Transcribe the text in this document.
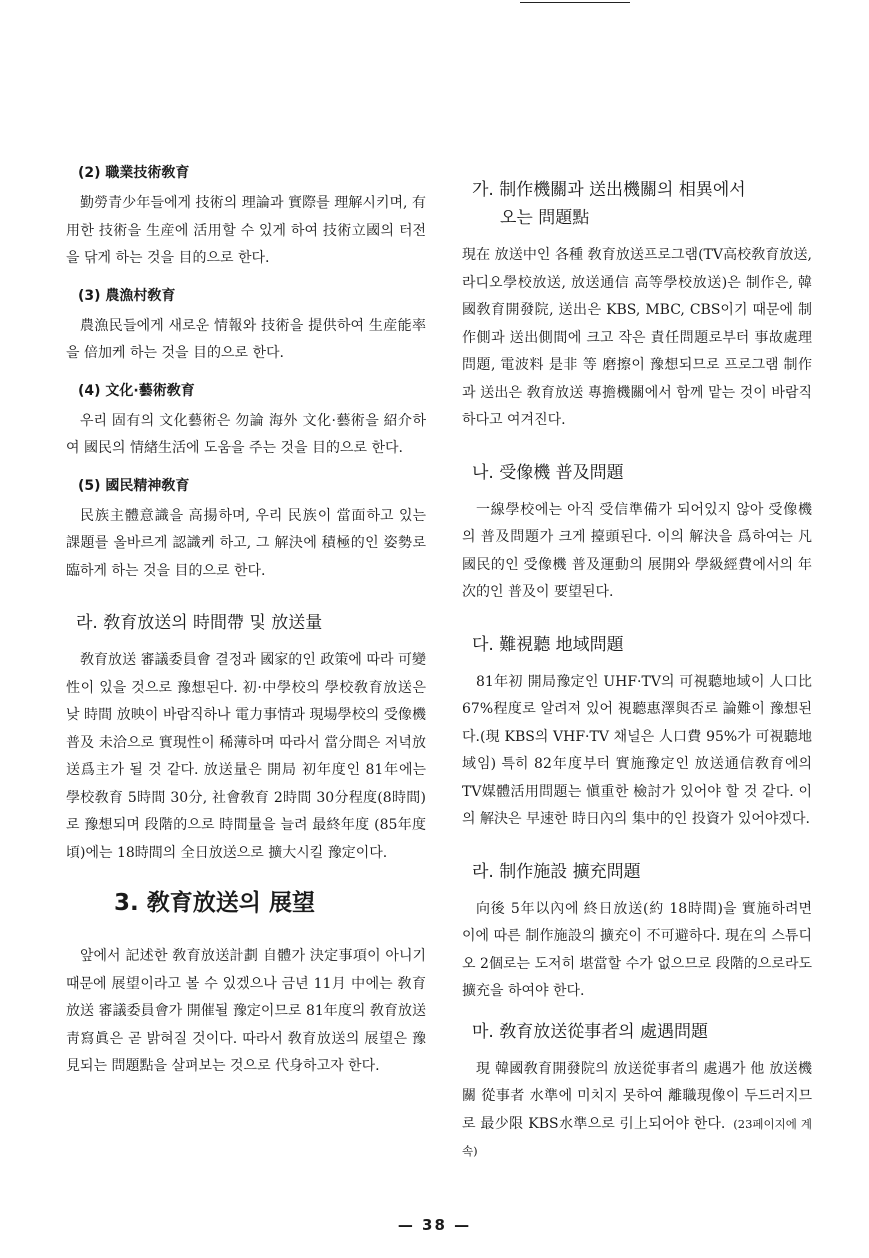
(2) 職業技術敎育

勤勞青少年들에게 技術의 理論과 實際를 理解시키며, 有用한 技術을 生産에 活用할 수 있게 하여 技術立國의 터전을 닦게 하는 것을 目的으로 한다.

(3) 農漁村敎育

農漁民들에게 새로운 情報와 技術을 提供하여 生産能率을 倍加케 하는 것을 目的으로 한다.

(4) 文化·藝術敎育

우리 固有의 文化藝術은 勿論 海外 文化·藝術을 紹介하여 國民의 情緖生活에 도움을 주는 것을 目的으로 한다.

(5) 國民精神敎育

民族主體意識을 高揚하며, 우리 民族이 當面하고 있는 課題를 올바르게 認識케 하고, 그 解決에 積極的인 姿勢로 臨하게 하는 것을 目的으로 한다.

라. 敎育放送의 時間帶 및 放送量

敎育放送 審議委員會 결정과 國家的인 政策에 따라 可變性이 있을 것으로 豫想된다. 初·中學校의 學校敎育放送은 낮 時間 放映이 바람직하나 電力事情과 現場學校의 受像機 普及 未洽으로 實現性이 稀薄하며 따라서 當分間은 저녁放送爲主가 될 것 같다. 放送量은 開局 初年度인 81年에는 學校敎育 5時間 30分, 社會敎育 2時間 30分程度(8時間)로 豫想되며 段階的으로 時間量을 늘려 最終年度 (85年度頃)에는 18時間의 全日放送으로 擴大시킬 豫定이다.

3. 敎育放送의 展望

앞에서 記述한 敎育放送計劃 自體가 決定事項이 아니기 때문에 展望이라고 볼 수 있겠으나 금년 11月 中에는 敎育放送 審議委員會가 開催될 豫定이므로 81年度의 敎育放送 靑寫眞은 곧 밝혀질 것이다. 따라서 敎育放送의 展望은 豫見되는 問題點을 살펴보는 것으로 代身하고자 한다.

가. 制作機關과 送出機關의 相異에서
오는 問題點

現在 放送中인 各種 敎育放送프로그램(TV高校敎育放送, 라디오學校放送, 放送通信 高等學校放送)은 制作은, 韓國敎育開發院, 送出은 KBS, MBC, CBS이기 때문에 制作側과 送出側間에 크고 작은 責任問題로부터 事故處理問題, 電波料 是非 等 磨擦이 豫想되므로 프로그램 制作과 送出은 敎育放送 專擔機關에서 함께 맡는 것이 바람직하다고 여겨진다.

나. 受像機 普及問題

一線學校에는 아직 受信準備가 되어있지 않아 受像機의 普及問題가 크게 擡頭된다. 이의 解決을 爲하여는 凡國民的인 受像機 普及運動의 展開와 學級經費에서의 年次的인 普及이 要望된다.

다. 難視聽 地域問題

81年初 開局豫定인 UHF·TV의 可視聽地域이 人口比 67%程度로 알려져 있어 視聽惠澤與否로 論難이 豫想된다.(現 KBS의 VHF·TV 채널은 人口費 95%가 可視聽地域임) 특히 82年度부터 實施豫定인 放送通信敎育에의 TV媒體活用問題는 愼重한 檢討가 있어야 할 것 같다. 이의 解決은 早速한 時日內의 集中的인 投資가 있어야겠다.

라. 制作施設 擴充問題

向後 5年以內에 終日放送(約 18時間)을 實施하려면 이에 따른 制作施設의 擴充이 不可避하다. 現在의 스튜디오 2個로는 도저히 堪當할 수가 없으므로 段階的으로라도 擴充을 하여야 한다.

마. 敎育放送從事者의 處遇問題

現 韓國敎育開發院의 放送從事者의 處遇가 他 放送機關 從事者 水準에 미치지 못하여 離職現像이 두드러지므로 最少限 KBS水準으로 引上되어야 한다. (23페이지에 계속)

— 38 —
